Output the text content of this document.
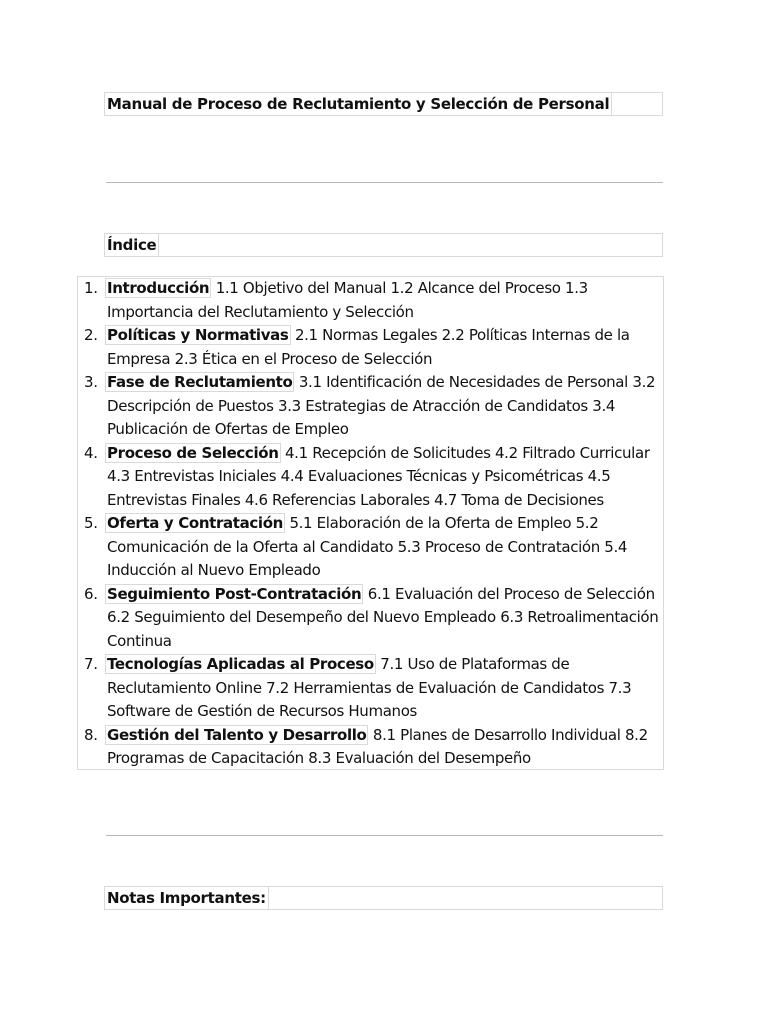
Manual de Proceso de Reclutamiento y Selección de Personal
Índice
1. Introducción 1.1 Objetivo del Manual 1.2 Alcance del Proceso 1.3 Importancia del Reclutamiento y Selección
2. Políticas y Normativas 2.1 Normas Legales 2.2 Políticas Internas de la Empresa 2.3 Ética en el Proceso de Selección
3. Fase de Reclutamiento 3.1 Identificación de Necesidades de Personal 3.2 Descripción de Puestos 3.3 Estrategias de Atracción de Candidatos 3.4 Publicación de Ofertas de Empleo
4. Proceso de Selección 4.1 Recepción de Solicitudes 4.2 Filtrado Curricular 4.3 Entrevistas Iniciales 4.4 Evaluaciones Técnicas y Psicométricas 4.5 Entrevistas Finales 4.6 Referencias Laborales 4.7 Toma de Decisiones
5. Oferta y Contratación 5.1 Elaboración de la Oferta de Empleo 5.2 Comunicación de la Oferta al Candidato 5.3 Proceso de Contratación 5.4 Inducción al Nuevo Empleado
6. Seguimiento Post-Contratación 6.1 Evaluación del Proceso de Selección 6.2 Seguimiento del Desempeño del Nuevo Empleado 6.3 Retroalimentación Continua
7. Tecnologías Aplicadas al Proceso 7.1 Uso de Plataformas de Reclutamiento Online 7.2 Herramientas de Evaluación de Candidatos 7.3 Software de Gestión de Recursos Humanos
8. Gestión del Talento y Desarrollo 8.1 Planes de Desarrollo Individual 8.2 Programas de Capacitación 8.3 Evaluación del Desempeño
Notas Importantes:
